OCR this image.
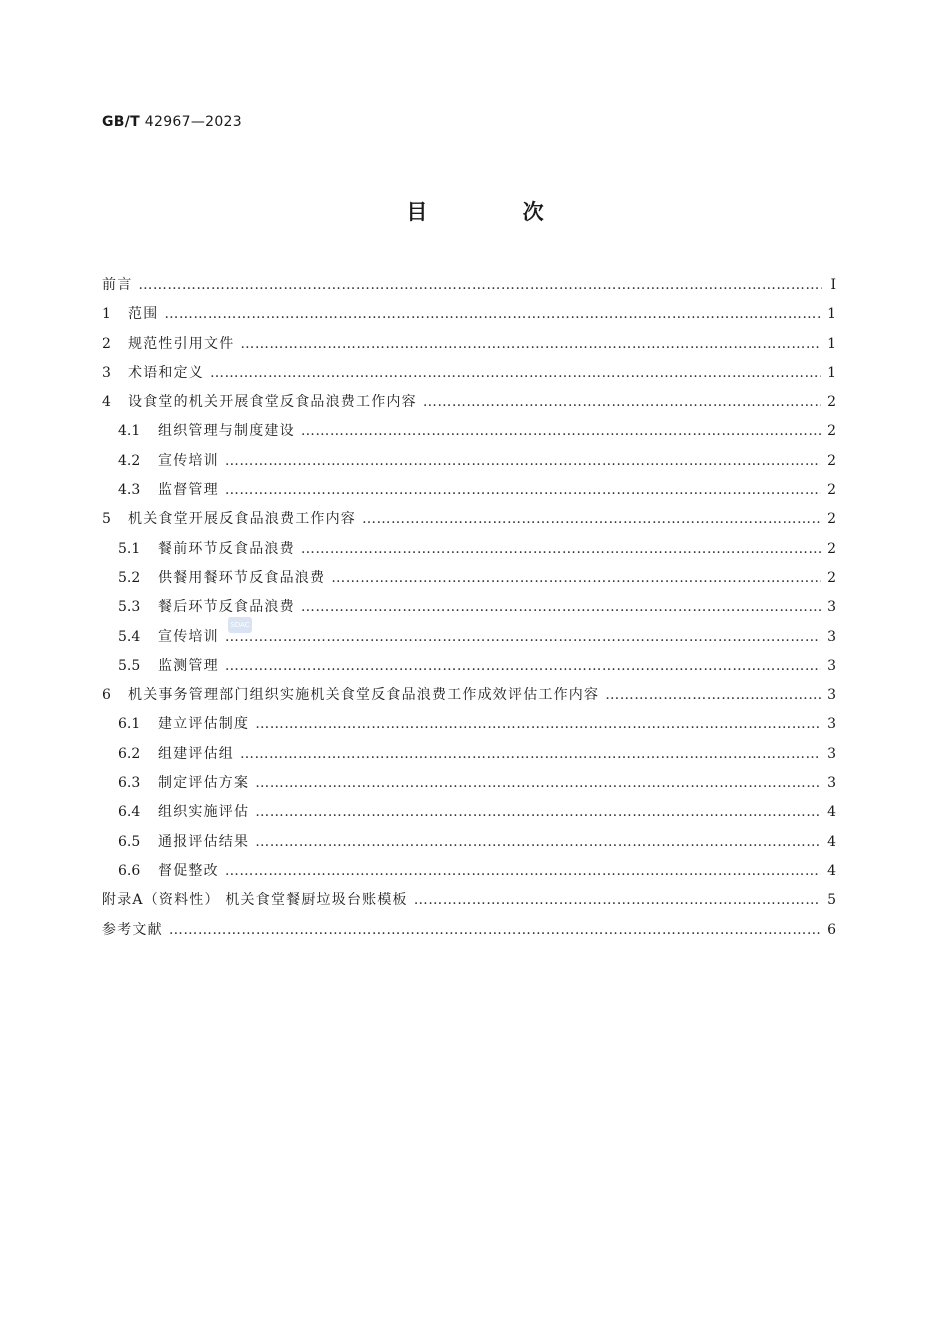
GB/T 42967—2023
目 次
前言 …………………………………………………………………………………………………………………………………………………………………………………………………………………………………………………………………………	Ⅰ
1	范围 …………………………………………………………………………………………………………………………………………………………………………………………………………………………………………………………………………	1
2	规范性引用文件 …………………………………………………………………………………………………………………………………………………………………………………………………………………………………………………………………………	1
3	术语和定义 …………………………………………………………………………………………………………………………………………………………………………………………………………………………………………………………………………	1
4	设食堂的机关开展食堂反食品浪费工作内容 …………………………………………………………………………………………………………………………………………………………………………………………………………………………………………………………………………	2
4.1	组织管理与制度建设 …………………………………………………………………………………………………………………………………………………………………………………………………………………………………………………………………………	2
4.2	宣传培训 …………………………………………………………………………………………………………………………………………………………………………………………………………………………………………………………………………	2
4.3	监督管理 …………………………………………………………………………………………………………………………………………………………………………………………………………………………………………………………………………	2
5	机关食堂开展反食品浪费工作内容 …………………………………………………………………………………………………………………………………………………………………………………………………………………………………………………………………………	2
5.1	餐前环节反食品浪费 …………………………………………………………………………………………………………………………………………………………………………………………………………………………………………………………………………	2
5.2	供餐用餐环节反食品浪费 …………………………………………………………………………………………………………………………………………………………………………………………………………………………………………………………………………	2
5.3	餐后环节反食品浪费 …………………………………………………………………………………………………………………………………………………………………………………………………………………………………………………………………………	3
5.4	宣传培训 …………………………………………………………………………………………………………………………………………………………………………………………………………………………………………………………………………	3
5.5	监测管理 …………………………………………………………………………………………………………………………………………………………………………………………………………………………………………………………………………	3
6	机关事务管理部门组织实施机关食堂反食品浪费工作成效评估工作内容 …………………………………………………………………………………………………………………………………………………………………………………………………………………………………………………………………………	3
6.1	建立评估制度 …………………………………………………………………………………………………………………………………………………………………………………………………………………………………………………………………………	3
6.2	组建评估组 …………………………………………………………………………………………………………………………………………………………………………………………………………………………………………………………………………	3
6.3	制定评估方案 …………………………………………………………………………………………………………………………………………………………………………………………………………………………………………………………………………	3
6.4	组织实施评估 …………………………………………………………………………………………………………………………………………………………………………………………………………………………………………………………………………	4
6.5	通报评估结果 …………………………………………………………………………………………………………………………………………………………………………………………………………………………………………………………………………	4
6.6	督促整改 …………………………………………………………………………………………………………………………………………………………………………………………………………………………………………………………………………	4
附录A（资料性） 机关食堂餐厨垃圾台账模板 …………………………………………………………………………………………………………………………………………………………………………………………………………………………………………………………………………	5
参考文献 …………………………………………………………………………………………………………………………………………………………………………………………………………………………………………………………………………	6
SDAC
